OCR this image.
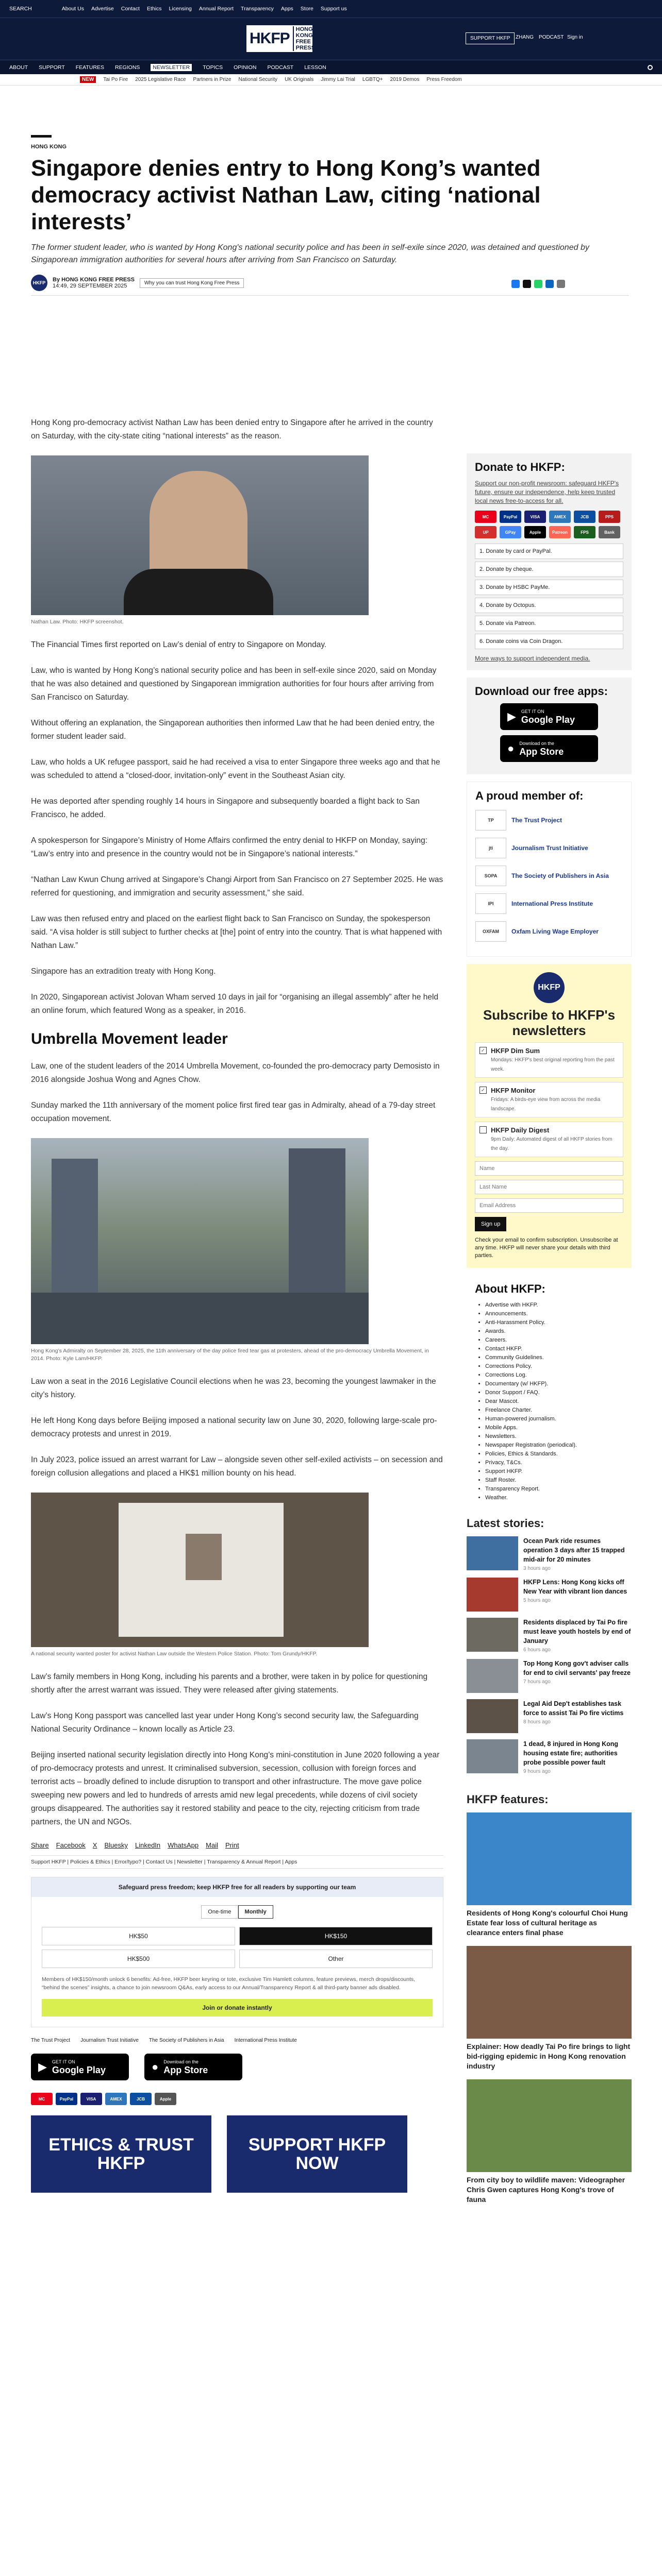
SEARCH	About Us Advertise Contact Ethics Licensing Annual Report Transparency Apps Store Support us
HKFP
HONG KONG
FREE PRESS
SUPPORT HKFP	ZHANG PODCAST Sign in
ABOUT SUPPORT FEATURES REGIONS	NEWSLETTER	TOPICS OPINION PODCAST LESSON
NEW	Tai Po Fire 2025 Legislative Race Partners in Prize National Security UK Originals Jimmy Lai Trial LGBTQ+ 2019 Demos Press Freedom
HONG KONG
Singapore denies entry to Hong Kong’s wanted democracy activist Nathan Law, citing ‘national interests’
The former student leader, who is wanted by Hong Kong's national security police and has been in self-exile since 2020, was detained and questioned by Singaporean immigration authorities for several hours after arriving from San Francisco on Saturday.
HKFP	By HONG KONG FREE PRESS
14:49, 29 SEPTEMBER 2025	Why you can trust Hong Kong Free Press

Hong Kong pro-democracy activist Nathan Law has been denied entry to Singapore after he arrived in the country on Saturday, with the city-state citing “national interests” as the reason.

Nathan Law. Photo: HKFP screenshot.

The Financial Times first reported on Law’s denial of entry to Singapore on Monday.

Law, who is wanted by Hong Kong’s national security police and has been in self-exile since 2020, said on Monday that he was also detained and questioned by Singaporean immigration authorities for four hours after arriving from San Francisco on Saturday.

Without offering an explanation, the Singaporean authorities then informed Law that he had been denied entry, the former student leader said.

Law, who holds a UK refugee passport, said he had received a visa to enter Singapore three weeks ago and that he was scheduled to attend a “closed-door, invitation-only” event in the Southeast Asian city.

He was deported after spending roughly 14 hours in Singapore and subsequently boarded a flight back to San Francisco, he added.

A spokesperson for Singapore’s Ministry of Home Affairs confirmed the entry denial to HKFP on Monday, saying: “Law’s entry into and presence in the country would not be in Singapore’s national interests.”

“Nathan Law Kwun Chung arrived at Singapore’s Changi Airport from San Francisco on 27 September 2025. He was referred for questioning, and immigration and security assessment,” she said.

Law was then refused entry and placed on the earliest flight back to San Francisco on Sunday, the spokesperson said. “A visa holder is still subject to further checks at [the] point of entry into the country. That is what happened with Nathan Law.”

Singapore has an extradition treaty with Hong Kong.

In 2020, Singaporean activist Jolovan Wham served 10 days in jail for “organising an illegal assembly” after he held an online forum, which featured Wong as a speaker, in 2016.

Umbrella Movement leader

Law, one of the student leaders of the 2014 Umbrella Movement, co-founded the pro-democracy party Demosisto in 2016 alongside Joshua Wong and Agnes Chow.

Sunday marked the 11th anniversary of the moment police first fired tear gas in Admiralty, ahead of a 79-day street occupation movement.

Hong Kong’s Admiralty on September 28, 2025, the 11th anniversary of the day police fired tear gas at protesters, ahead of the pro-democracy Umbrella Movement, in 2014. Photo: Kyle Lam/HKFP.

Law won a seat in the 2016 Legislative Council elections when he was 23, becoming the youngest lawmaker in the city’s history.

He left Hong Kong days before Beijing imposed a national security law on June 30, 2020, following large-scale pro-democracy protests and unrest in 2019.

In July 2023, police issued an arrest warrant for Law – alongside seven other self-exiled activists – on secession and foreign collusion allegations and placed a HK$1 million bounty on his head.

A national security wanted poster for activist Nathan Law outside the Western Police Station. Photo: Tom Grundy/HKFP.

Law’s family members in Hong Kong, including his parents and a brother, were taken in by police for questioning shortly after the arrest warrant was issued. They were released after giving statements.

Law’s Hong Kong passport was cancelled last year under Hong Kong’s second security law, the Safeguarding National Security Ordinance – known locally as Article 23.

Beijing inserted national security legislation directly into Hong Kong’s mini-constitution in June 2020 following a year of pro-democracy protests and unrest. It criminalised subversion, secession, collusion with foreign forces and terrorist acts – broadly defined to include disruption to transport and other infrastructure. The move gave police sweeping new powers and led to hundreds of arrests amid new legal precedents, while dozens of civil society groups disappeared. The authorities say it restored stability and peace to the city, rejecting criticism from trade partners, the UN and NGOs.

Share Facebook X Bluesky LinkedIn WhatsApp Mail Print
Support HKFP | Policies & Ethics | Error/typo? | Contact Us | Newsletter | Transparency & Annual Report | Apps
Safeguard press freedom; keep HKFP free for all readers by supporting our team
One-time	Monthly
HK$50	HK$150
HK$500	Other
Members of HK$150/month unlock 6 benefits: Ad-free, HKFP beer keyring or tote, exclusive Tim Hamlett columns, feature previews, merch drops/discounts, “behind the scenes” insights, a chance to join newsroom Q&As, early access to our Annual/Transparency Report & all third-party banner ads disabled.
Join or donate instantly
The Trust Project Journalism Trust Initiative The Society of Publishers in Asia International Press Institute
▶ GET IT ON
Google Play	● Download on the
App Store
MC	PayPal	VISA	AMEX	JCB	Apple
ETHICS & TRUST HKFP
SUPPORT HKFP NOW
Donate to HKFP:

Support our non-profit newsroom: safeguard HKFP's future, ensure our independence, help keep trusted local news free-to-access for all.

MC	PayPal	VISA	AMEX	JCB	PPS
UP	GPay	Apple	Patreon	FPS	Bank
1. Donate by card or PayPal.
2. Donate by cheque.
3. Donate by HSBC PayMe.
4. Donate by Octopus.
5. Donate via Patreon.
6. Donate coins via Coin Dragon.

More ways to support independent media.

Download our free apps:
▶ GET IT ON
Google Play
● Download on the
App Store
A proud member of:
TP	The Trust Project
jti	Journalism Trust Initiative
SOPA	The Society of Publishers in Asia
IPI	International Press Institute
OXFAM	Oxfam Living Wage Employer
HKFP
Subscribe to HKFP's newsletters
✓ HKFP Dim Sum
Mondays: HKFP's best original reporting from the past week.
✓ HKFP Monitor
Fridays: A birds-eye view from across the media landscape.
HKFP Daily Digest
9pm Daily: Automated digest of all HKFP stories from the day.
Name
Last Name
Email Address
Sign up

Check your email to confirm subscription. Unsubscribe at any time. HKFP will never share your details with third parties.

About HKFP:
• Advertise with HKFP.
• Announcements.
• Anti-Harassment Policy.
• Awards.
• Careers.
• Contact HKFP.
• Community Guidelines.
• Corrections Policy.
• Corrections Log.
• Documentary (w/ HKFP).
• Donor Support / FAQ.
• Dear Mascot.
• Freelance Charter.
• Human-powered journalism.
• Mobile Apps.
• Newsletters.
• Newspaper Registration (periodical).
• Policies, Ethics & Standards.
• Privacy, T&Cs.
• Support HKFP.
• Staff Roster.
• Transparency Report.
• Weather.
Latest stories:
Ocean Park ride resumes operation 3 days after 15 trapped mid-air for 20 minutes
3 hours ago
HKFP Lens: Hong Kong kicks off New Year with vibrant lion dances
5 hours ago
Residents displaced by Tai Po fire must leave youth hostels by end of January
6 hours ago
Top Hong Kong gov't adviser calls for end to civil servants' pay freeze
7 hours ago
Legal Aid Dep't establishes task force to assist Tai Po fire victims
8 hours ago
1 dead, 8 injured in Hong Kong housing estate fire; authorities probe possible power fault
9 hours ago
HKFP features:
Residents of Hong Kong's colourful Choi Hung Estate fear loss of cultural heritage as clearance enters final phase
Explainer: How deadly Tai Po fire brings to light bid-rigging epidemic in Hong Kong renovation industry
From city boy to wildlife maven: Videographer Chris Gwen captures Hong Kong's trove of fauna
